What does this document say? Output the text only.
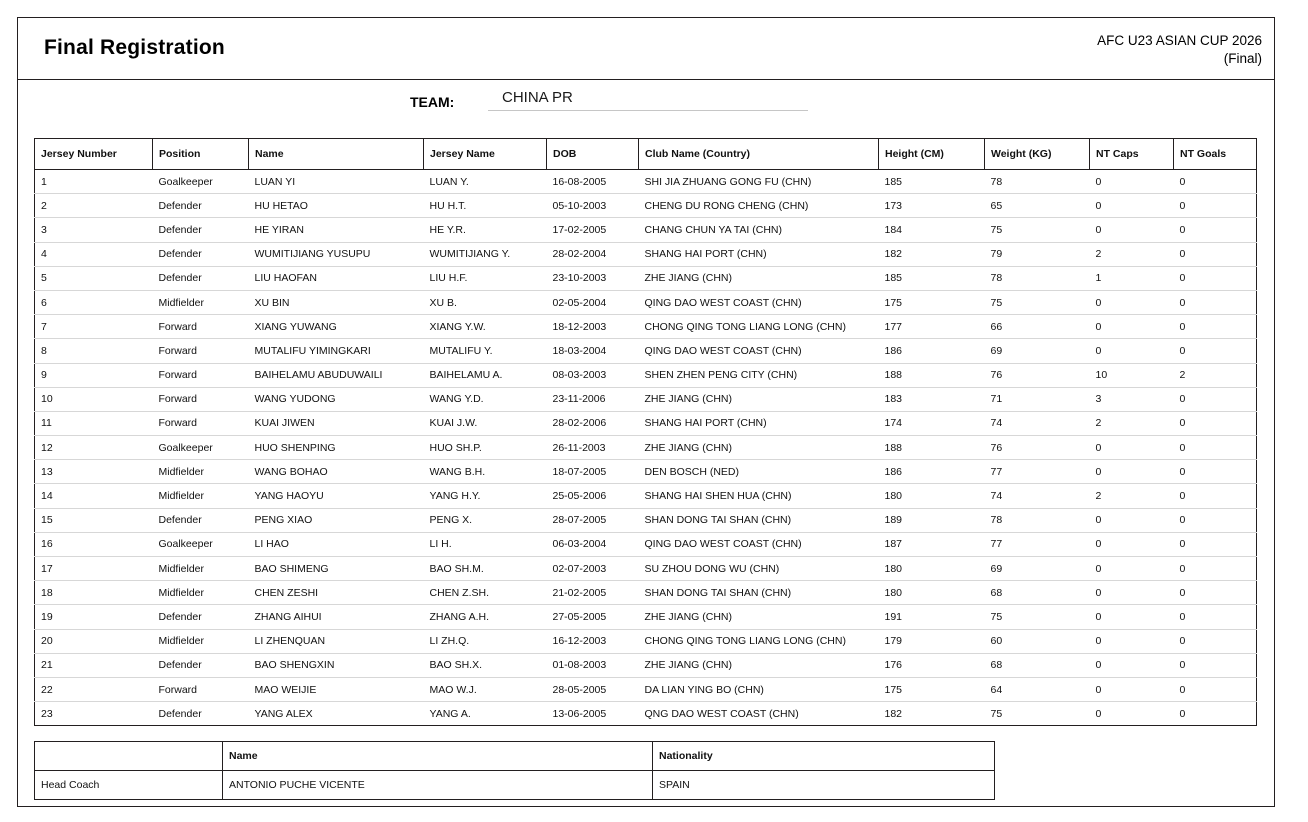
Final Registration	AFC U23 ASIAN CUP 2026
(Final)
TEAM:	CHINA PR
Jersey Number	Position	Name	Jersey Name	DOB	Club Name (Country)	Height (CM)	Weight (KG)	NT Caps	NT Goals
1	Goalkeeper	LUAN YI	LUAN Y.	16-08-2005	SHI JIA ZHUANG GONG FU (CHN)	185	78	0	0
2	Defender	HU HETAO	HU H.T.	05-10-2003	CHENG DU RONG CHENG (CHN)	173	65	0	0
3	Defender	HE YIRAN	HE Y.R.	17-02-2005	CHANG CHUN YA TAI (CHN)	184	75	0	0
4	Defender	WUMITIJIANG YUSUPU	WUMITIJIANG Y.	28-02-2004	SHANG HAI PORT (CHN)	182	79	2	0
5	Defender	LIU HAOFAN	LIU H.F.	23-10-2003	ZHE JIANG (CHN)	185	78	1	0
6	Midfielder	XU BIN	XU B.	02-05-2004	QING DAO WEST COAST (CHN)	175	75	0	0
7	Forward	XIANG YUWANG	XIANG Y.W.	18-12-2003	CHONG QING TONG LIANG LONG (CHN)	177	66	0	0
8	Forward	MUTALIFU YIMINGKARI	MUTALIFU Y.	18-03-2004	QING DAO WEST COAST (CHN)	186	69	0	0
9	Forward	BAIHELAMU ABUDUWAILI	BAIHELAMU A.	08-03-2003	SHEN ZHEN PENG CITY (CHN)	188	76	10	2
10	Forward	WANG YUDONG	WANG Y.D.	23-11-2006	ZHE JIANG (CHN)	183	71	3	0
11	Forward	KUAI JIWEN	KUAI J.W.	28-02-2006	SHANG HAI PORT (CHN)	174	74	2	0
12	Goalkeeper	HUO SHENPING	HUO SH.P.	26-11-2003	ZHE JIANG (CHN)	188	76	0	0
13	Midfielder	WANG BOHAO	WANG B.H.	18-07-2005	DEN BOSCH (NED)	186	77	0	0
14	Midfielder	YANG HAOYU	YANG H.Y.	25-05-2006	SHANG HAI SHEN HUA (CHN)	180	74	2	0
15	Defender	PENG XIAO	PENG X.	28-07-2005	SHAN DONG TAI SHAN (CHN)	189	78	0	0
16	Goalkeeper	LI HAO	LI H.	06-03-2004	QING DAO WEST COAST (CHN)	187	77	0	0
17	Midfielder	BAO SHIMENG	BAO SH.M.	02-07-2003	SU ZHOU DONG WU (CHN)	180	69	0	0
18	Midfielder	CHEN ZESHI	CHEN Z.SH.	21-02-2005	SHAN DONG TAI SHAN (CHN)	180	68	0	0
19	Defender	ZHANG AIHUI	ZHANG A.H.	27-05-2005	ZHE JIANG (CHN)	191	75	0	0
20	Midfielder	LI ZHENQUAN	LI ZH.Q.	16-12-2003	CHONG QING TONG LIANG LONG (CHN)	179	60	0	0
21	Defender	BAO SHENGXIN	BAO SH.X.	01-08-2003	ZHE JIANG (CHN)	176	68	0	0
22	Forward	MAO WEIJIE	MAO W.J.	28-05-2005	DA LIAN YING BO (CHN)	175	64	0	0
23	Defender	YANG ALEX	YANG A.	13-06-2005	QNG DAO WEST COAST (CHN)	182	75	0	0
	Name	Nationality
Head Coach	ANTONIO PUCHE VICENTE	SPAIN
